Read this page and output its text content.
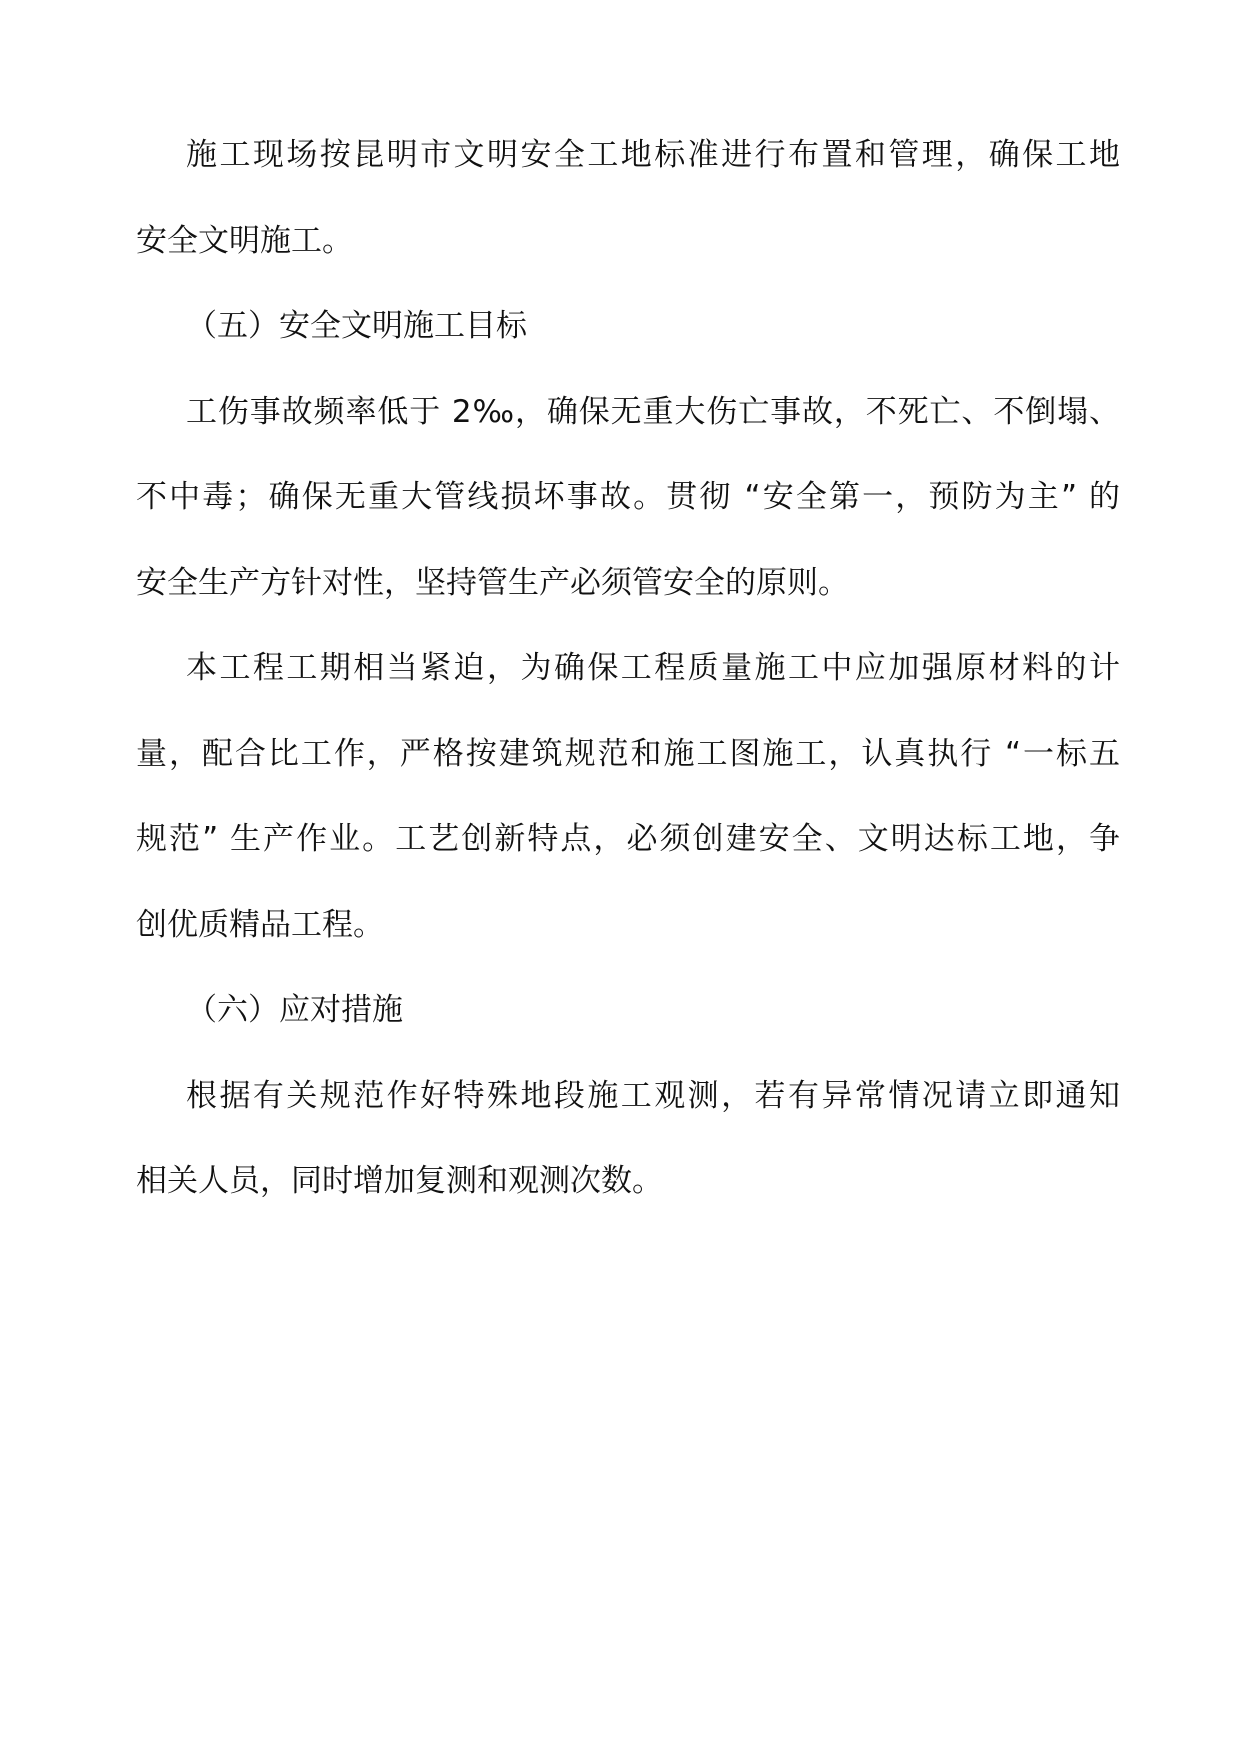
施工现场按昆明市文明安全工地标准进行布置和管理，确保工地
安全文明施工。
（五）安全文明施工目标
工伤事故频率低于 2‰，确保无重大伤亡事故，不死亡、不倒塌、
不中毒；确保无重大管线损坏事故。贯彻 “安全第一，预防为主” 的
安全生产方针对性，坚持管生产必须管安全的原则。
本工程工期相当紧迫，为确保工程质量施工中应加强原材料的计
量，配合比工作，严格按建筑规范和施工图施工，认真执行 “一标五
规范” 生产作业。工艺创新特点，必须创建安全、文明达标工地，争
创优质精品工程。
（六）应对措施
根据有关规范作好特殊地段施工观测，若有异常情况请立即通知
相关人员，同时增加复测和观测次数。
